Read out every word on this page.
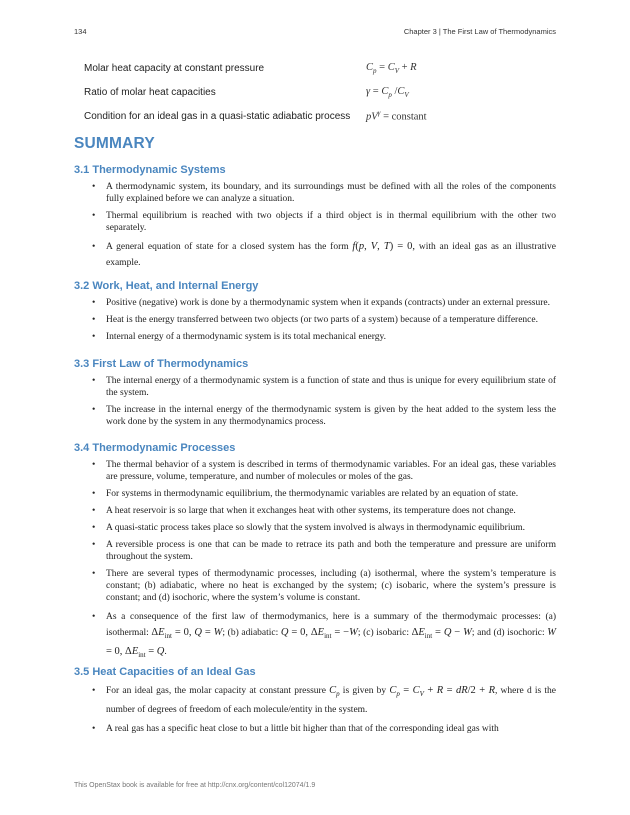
134	Chapter 3 | The First Law of Thermodynamics
Molar heat capacity at constant pressure	$C_p = C_V + R$
Ratio of molar heat capacities	$\gamma = C_p$ $/C_V$
Condition for an ideal gas in a quasi-static adiabatic process $pV^\gamma$ = constant
SUMMARY
3.1 Thermodynamic Systems
• A thermodynamic system, its boundary, and its surroundings must be defined with all the roles of the components fully explained before we can analyze a situation.
• Thermal equilibrium is reached with two objects if a third object is in thermal equilibrium with the other two separately.
• A general equation of state for a closed system has the form f(p, V, T) = 0, with an ideal gas as an illustrative example.
3.2 Work, Heat, and Internal Energy
• Positive (negative) work is done by a thermodynamic system when it expands (contracts) under an external pressure.
• Heat is the energy transferred between two objects (or two parts of a system) because of a temperature difference.
• Internal energy of a thermodynamic system is its total mechanical energy.
3.3 First Law of Thermodynamics
• The internal energy of a thermodynamic system is a function of state and thus is unique for every equilibrium state of the system.
• The increase in the internal energy of the thermodynamic system is given by the heat added to the system less the work done by the system in any thermodynamics process.
3.4 Thermodynamic Processes
• The thermal behavior of a system is described in terms of thermodynamic variables. For an ideal gas, these variables are pressure, volume, temperature, and number of molecules or moles of the gas.
• For systems in thermodynamic equilibrium, the thermodynamic variables are related by an equation of state.
• A heat reservoir is so large that when it exchanges heat with other systems, its temperature does not change.
• A quasi-static process takes place so slowly that the system involved is always in thermodynamic equilibrium.
• A reversible process is one that can be made to retrace its path and both the temperature and pressure are uniform throughout the system.
• There are several types of thermodynamic processes, including (a) isothermal, where the system’s temperature is constant; (b) adiabatic, where no heat is exchanged by the system; (c) isobaric, where the system’s pressure is constant; and (d) isochoric, where the system’s volume is constant.
• As a consequence of the first law of thermodymanics, here is a summary of the thermodymaic processes: (a) isothermal: $\Delta E_{int} = 0$, Q = W; (b) adiabatic: Q = 0, $\Delta E_{int} = -W$; (c) isobaric: $\Delta E_{int} = Q - W$; and (d) isochoric: W = 0, $\Delta E_{int} = Q$.
3.5 Heat Capacities of an Ideal Gas
• For an ideal gas, the molar capacity at constant pressure $C_p$ is given by $C_p = C_V + R = dR/2 + R$, where d is the number of degrees of freedom of each molecule/entity in the system.
• A real gas has a specific heat close to but a little bit higher than that of the corresponding ideal gas with
This OpenStax book is available for free at http://cnx.org/content/col12074/1.9
